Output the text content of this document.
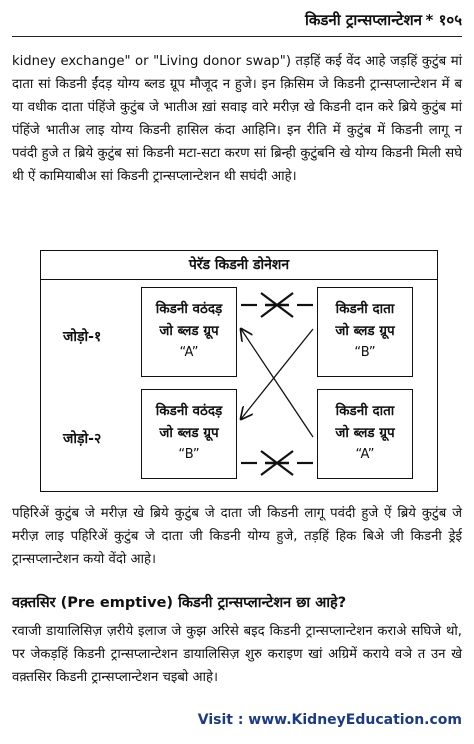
किडनी ट्रान्सप्लान्टेशन * १०५

kidney exchange" or "Living donor swap") तड़हिं कई वेंद आहे जड़हिं कुटुंब मां दाता सां किडनी ईंदड़ योग्य ब्लड ग्रूप मौजूद न हुजे। इन क़िसिम जे किडनी ट्रान्सप्लान्टेशन में ब या वधीक दाता पंहिंजे कुटुंब जे भातीअ ख़ां सवाइ वारे मरीज़ खे किडनी दान करे ब्रिये कुटुंब मां पंहिंजे भातीअ लाइ योग्य किडनी हासिल कंदा आहिनि। इन रीति में कुटुंब में किडनी लागू न पवंदी हुजे त ब्रिये कुटुंब सां किडनी मटा-सटा करण सां ब्रिन्ही कुटुंबनि खे योग्य किडनी मिली सघे थी ऐं कामियाबीअ सां किडनी ट्रान्सप्लान्टेशन थी सघंदी आहे।

पेरॅड किडनी डोनेशन
जोड़ो-१
जोड़ो-२
किडनी वठंदड़
जो ब्लड ग्रूप
“A”
किडनी दाता
जो ब्लड ग्रूप
“B”
किडनी वठंदड़
जो ब्लड ग्रूप
“B”
किडनी दाता
जो ब्लड ग्रूप
“A”

पहिरिअें कुटुंब जे मरीज़ खे ब्रिये कुटुंब जे दाता जी किडनी लागू पवंदी हुजे ऐं ब्रिये कुटुंब जे मरीज़ लाइ पहिरिअें कुटुंब जे दाता जी किडनी योग्य हुजे, तड़हिं हिक बिअे जी किडनी ड्रेई ट्रान्सप्लान्टेशन कयो वेंदो आहे।

वक़्तसिर (Pre emptive) किडनी ट्रान्सप्लान्टेशन छा आहे?

रवाजी डायालिसिज़ ज़रीये इलाज जे कुझ अरिसे बइद किडनी ट्रान्सप्लान्टेशन कराअे सघिजे थो, पर जेकड़हिं किडनी ट्रान्सप्लान्टेशन डायालिसिज़ शुरु कराइण खां अग्रिमें कराये वञे त उन खे वक़्तसिर किडनी ट्रान्सप्लान्टेशन चइबो आहे।

Visit : www.KidneyEducation.com
